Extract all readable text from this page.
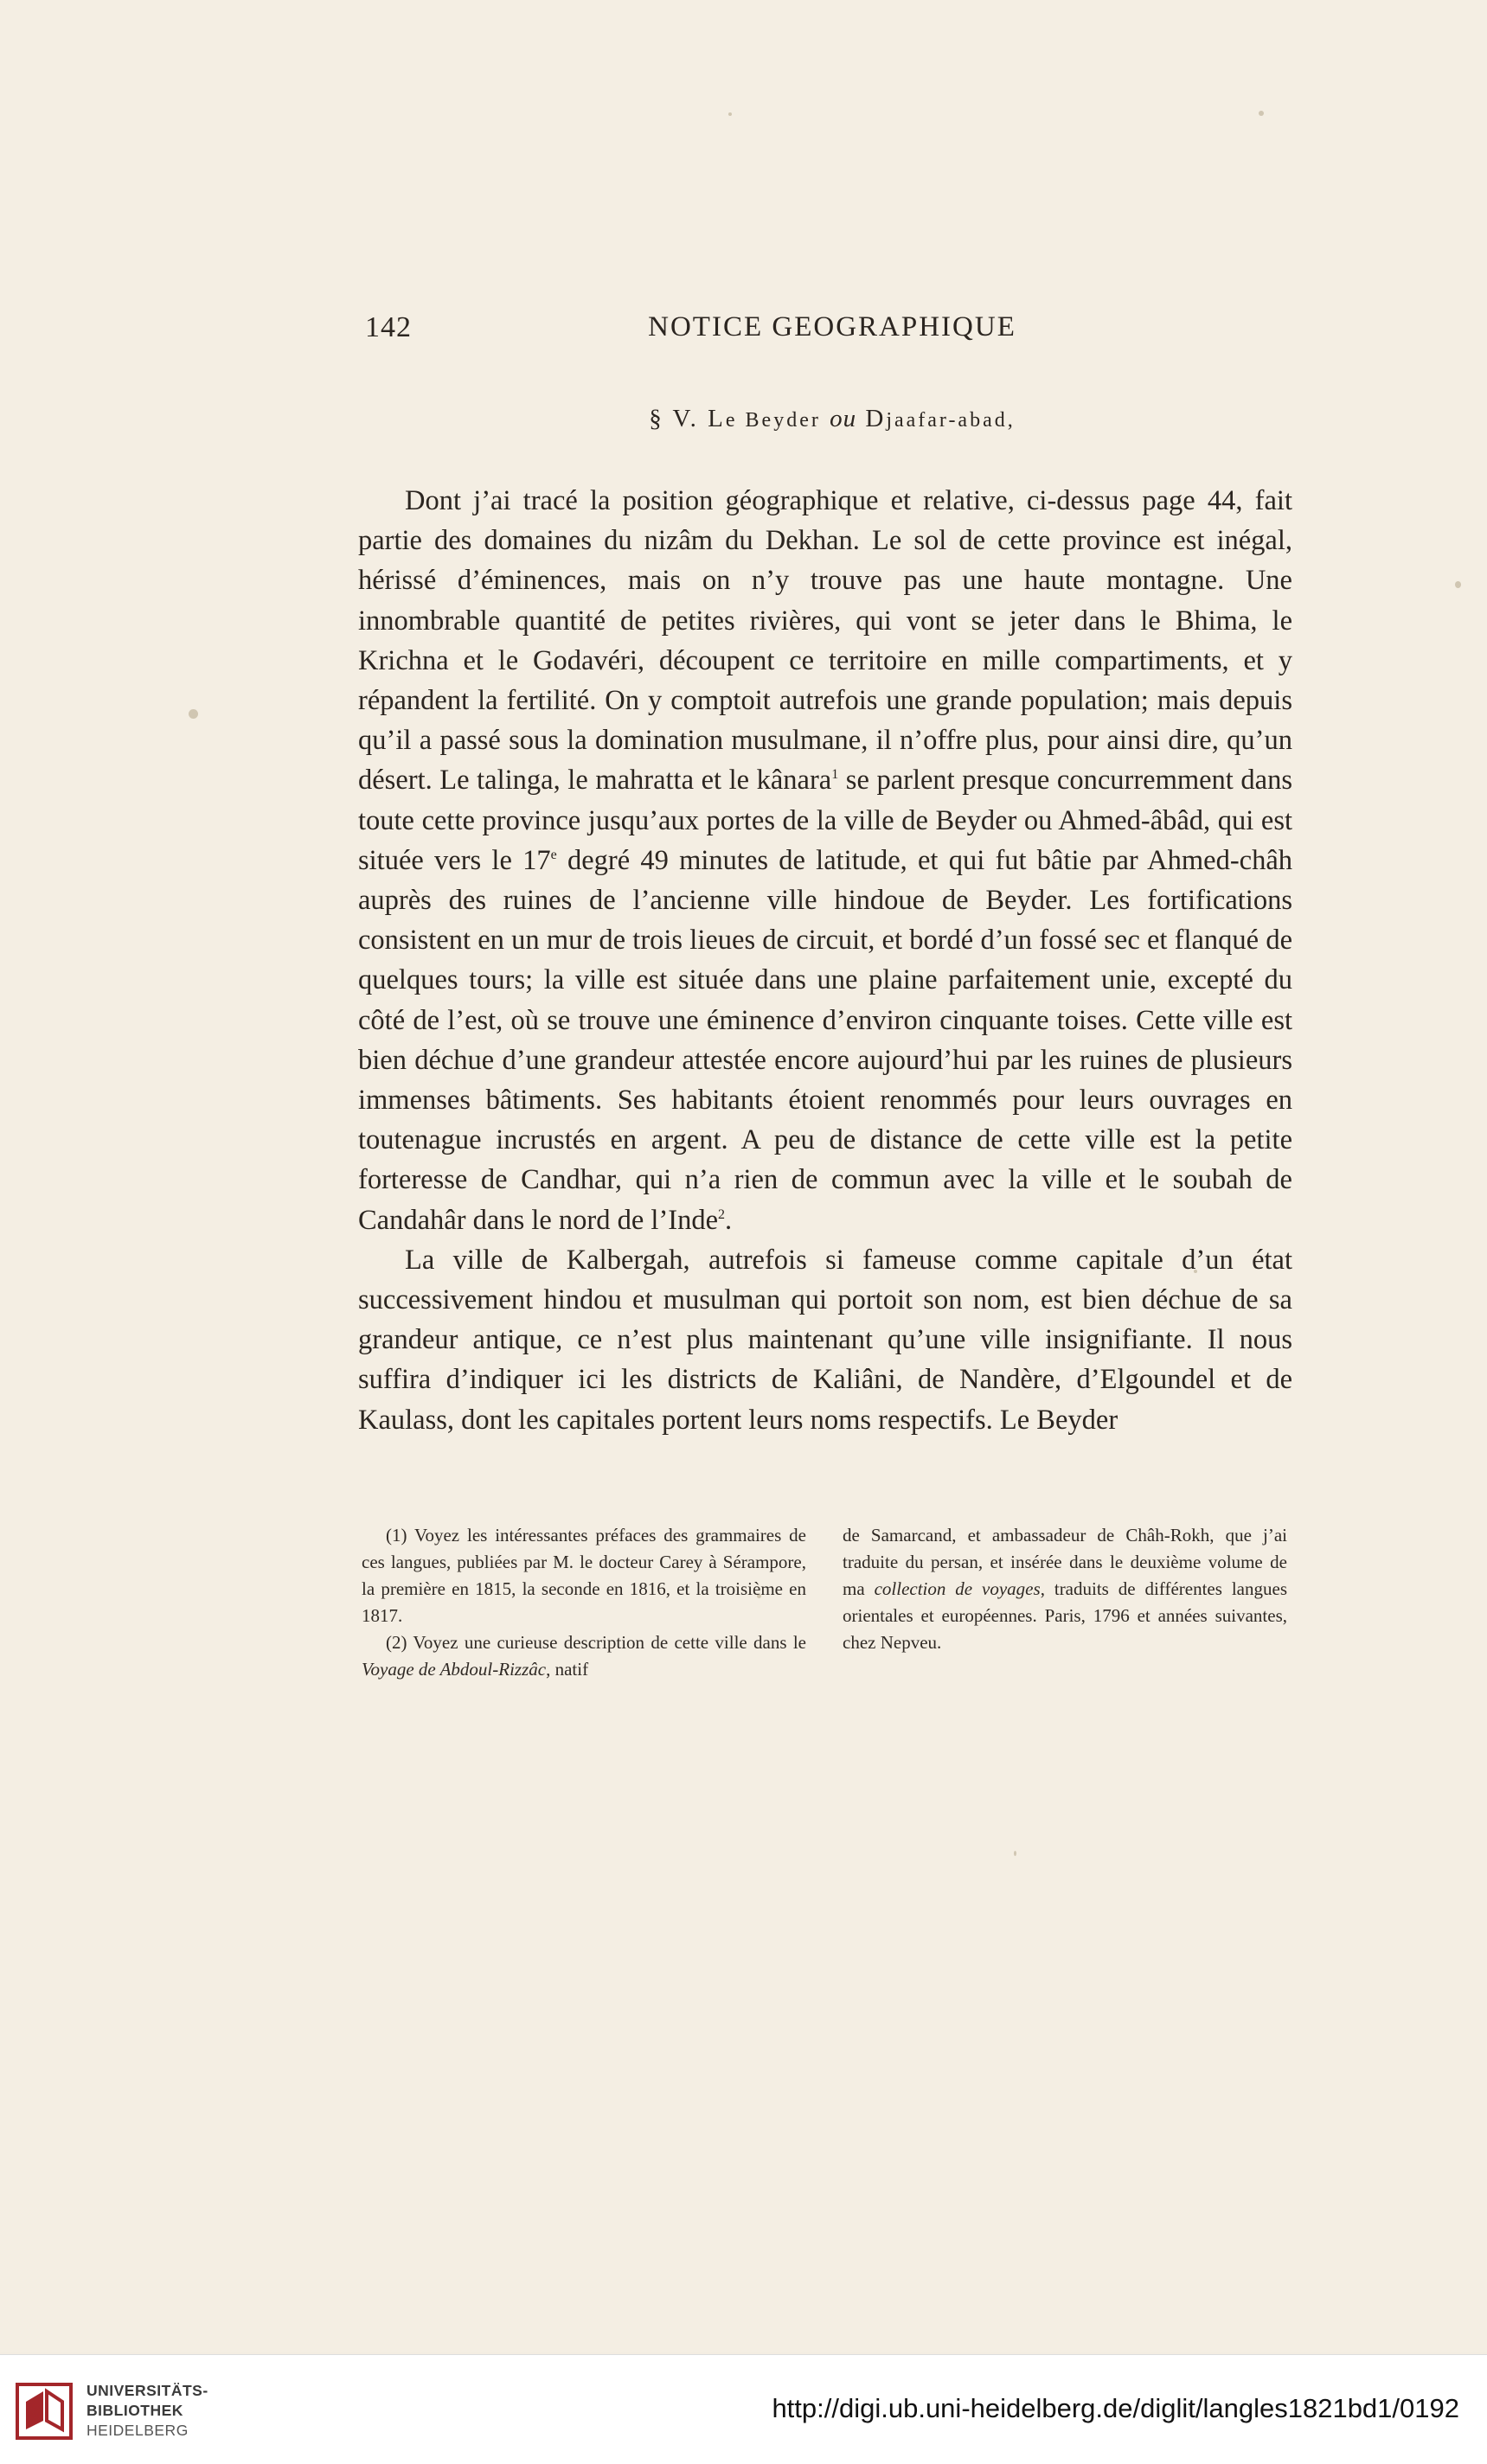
142	NOTICE GEOGRAPHIQUE
§ V. Le Beyder ou Djaafar-abad,

Dont j’ai tracé la position géographique et relative, ci-dessus page 44, fait partie des domaines du nizâm du Dekhan. Le sol de cette province est inégal, hérissé d’éminences, mais on n’y trouve pas une haute montagne. Une innombrable quantité de petites rivières, qui vont se jeter dans le Bhima, le Krichna et le Godavéri, découpent ce territoire en mille compartiments, et y répandent la fertilité. On y comptoit autrefois une grande population; mais depuis qu’il a passé sous la domination musulmane, il n’offre plus, pour ainsi dire, qu’un désert. Le talinga, le mahratta et le kânara$^1$ se parlent presque concurremment dans toute cette province jusqu’aux portes de la ville de Beyder ou Ahmed-âbâd, qui est située vers le 17e degré 49 minutes de latitude, et qui fut bâtie par Ahmed-châh auprès des ruines de l’ancienne ville hindoue de Beyder. Les fortifications consistent en un mur de trois lieues de circuit, et bordé d’un fossé sec et flanqué de quelques tours; la ville est située dans une plaine parfaitement unie, excepté du côté de l’est, où se trouve une éminence d’environ cinquante toises. Cette ville est bien déchue d’une grandeur attestée encore aujourd’hui par les ruines de plusieurs immenses bâtiments. Ses habitants étoient renommés pour leurs ouvrages en toutenague incrustés en argent. A peu de distance de cette ville est la petite forteresse de Candhar, qui n’a rien de commun avec la ville et le soubah de Candahâr dans le nord de l’Inde$^2$.

La ville de Kalbergah, autrefois si fameuse comme capitale d’un état successivement hindou et musulman qui portoit son nom, est bien déchue de sa grandeur antique, ce n’est plus maintenant qu’une ville insignifiante. Il nous suffira d’indiquer ici les districts de Kaliâni, de Nandère, d’Elgoundel et de Kaulass, dont les capitales portent leurs noms respectifs. Le Beyder

(1) Voyez les intéressantes préfaces des grammaires de ces langues, publiées par M. le docteur Carey à Sérampore, la première en 1815, la seconde en 1816, et la troisième en 1817.

(2) Voyez une curieuse description de cette ville dans le Voyage de Abdoul-Rizzâc, natif

de Samarcand, et ambassadeur de Châh-Rokh, que j’ai traduite du persan, et insérée dans le deuxième volume de ma collection de voyages, traduits de différentes langues orientales et européennes. Paris, 1796 et années suivantes, chez Nepveu.

UNIVERSITÄTS-
BIBLIOTHEK
HEIDELBERG
http://digi.ub.uni-heidelberg.de/diglit/langles1821bd1/0192
